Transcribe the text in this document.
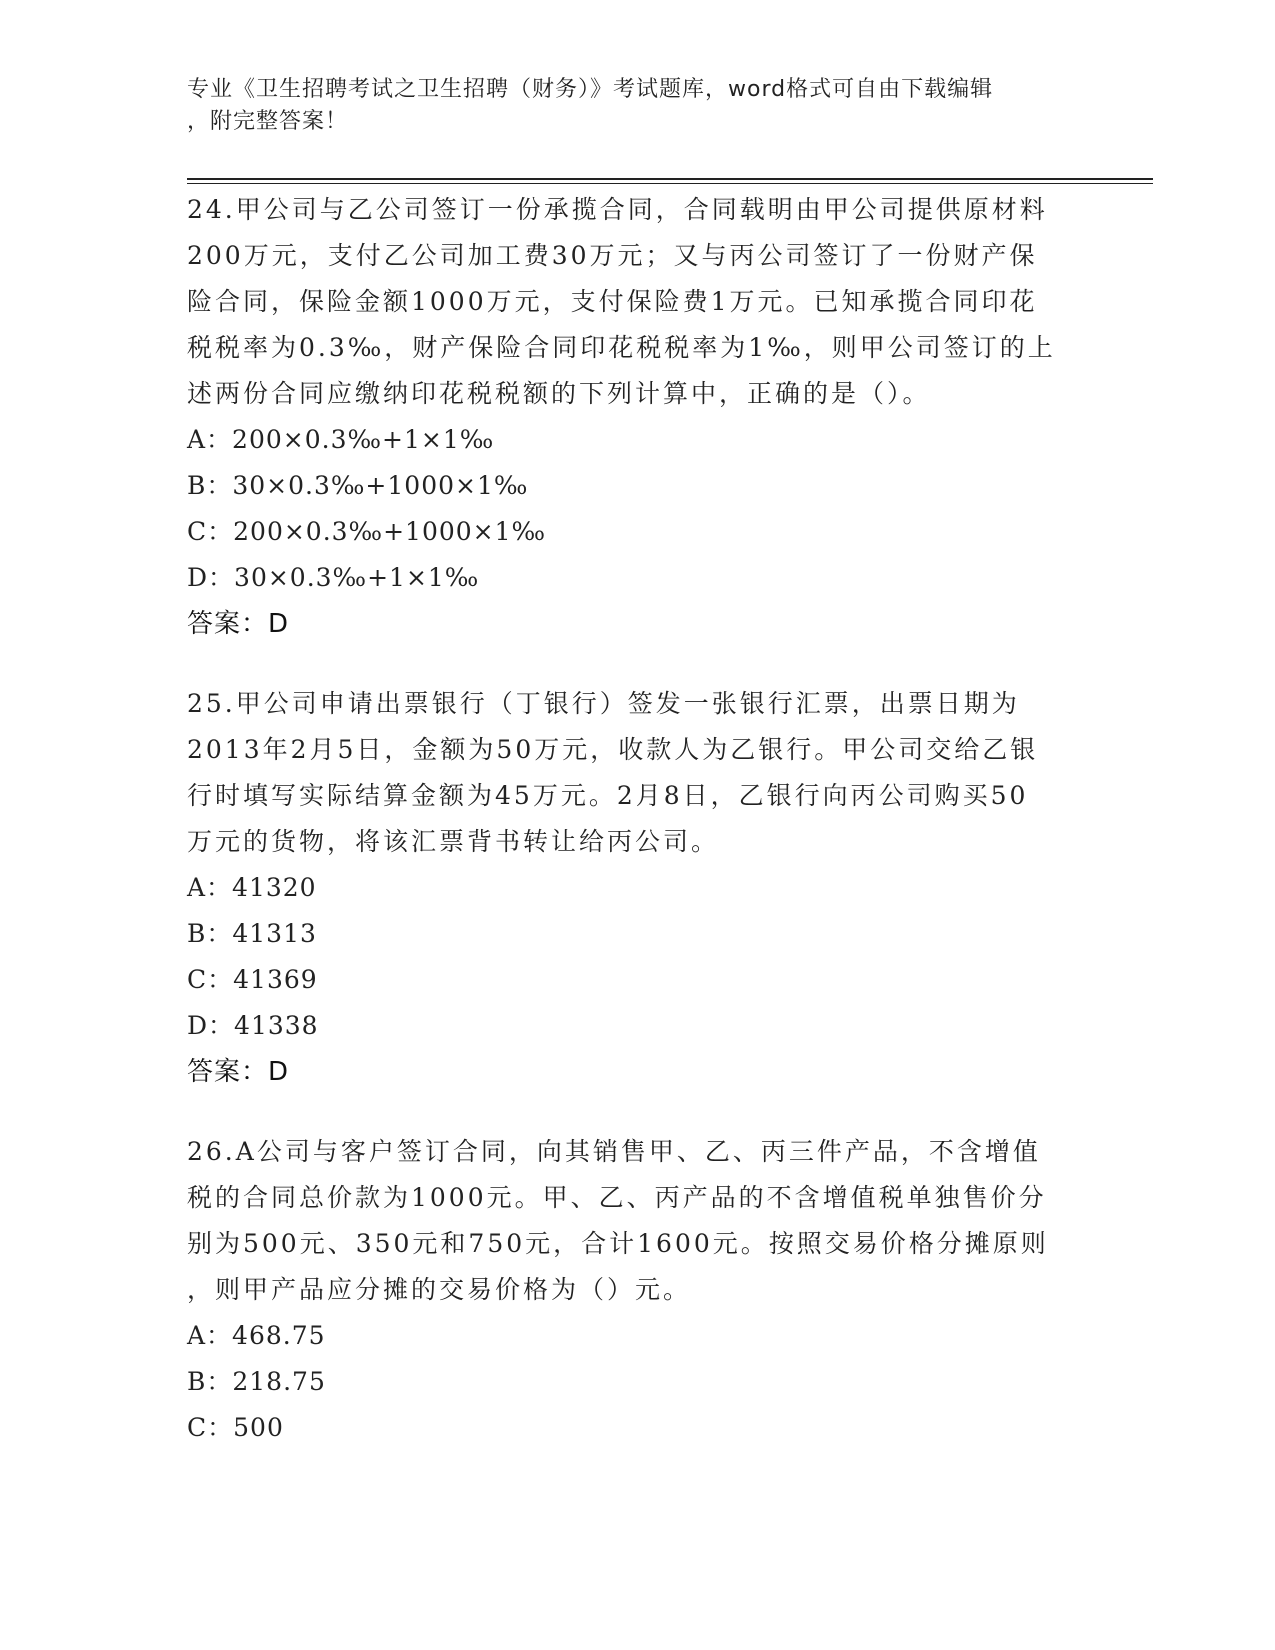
专业《卫生招聘考试之卫生招聘（财务）》考试题库，word格式可自由下载编辑
，附完整答案！
24.甲公司与乙公司签订一份承揽合同，合同载明由甲公司提供原材料
200万元，支付乙公司加工费30万元；又与丙公司签订了一份财产保
险合同，保险金额1000万元，支付保险费1万元。已知承揽合同印花
税税率为0.3‰，财产保险合同印花税税率为1‰，则甲公司签订的上
述两份合同应缴纳印花税税额的下列计算中，正确的是（）。
A：200×0.3‰+1×1‰
B：30×0.3‰+1000×1‰
C：200×0.3‰+1000×1‰
D：30×0.3‰+1×1‰
答案：D
25.甲公司申请出票银行（丁银行）签发一张银行汇票，出票日期为
2013年2月5日，金额为50万元，收款人为乙银行。甲公司交给乙银
行时填写实际结算金额为45万元。2月8日，乙银行向丙公司购买50
万元的货物，将该汇票背书转让给丙公司。
A：41320
B：41313
C：41369
D：41338
答案：D
26.A公司与客户签订合同，向其销售甲、乙、丙三件产品，不含增值
税的合同总价款为1000元。甲、乙、丙产品的不含增值税单独售价分
别为500元、350元和750元，合计1600元。按照交易价格分摊原则
，则甲产品应分摊的交易价格为（）元。
A：468.75
B：218.75
C：500
